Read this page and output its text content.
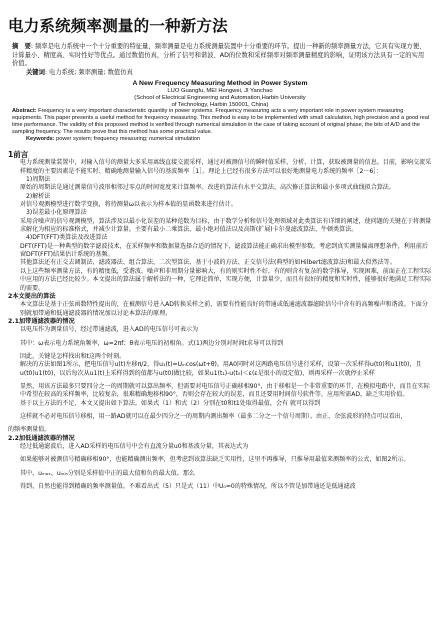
电力系统频率测量的一种新方法
摘　要: 频率是电力系统中一个十分重要的特征量，频率测量是电力系统测量装置中十分重要的环节。提出一种新的频率测量方法，它具有实现方便、计算量小、精度高、实时性好等优点。通过数值仿真，分析了信号和谐波、AD的位数和采样频率对频率测量精度的影响，证明该方法具有一定的实用价值。
关键词: 电力系统; 频率测量; 数值仿真
A New Frequency Measuring Method in Power System
LUO Guangfu, MEI Hongwei, JI Yanchao
(School of Electrical Engineering and Automation,Harbin University
of Technology, Harbin 150001, China)
Abstract: Frequency is a very important characteristic quantity in power systems. Frequency measuring acts a very important role in power system measuring equipments. This paper presents a useful method for frequency measuring. This method is easy to be implemented with small calculation, high precision and a good real time performance. The validity of this proposed method is verified through numerical simulation in the case of taking account of original phase, the bits of A/D and the sampling frequency. The results prove that this method has some practical value.
Keywords: power system; frequency measuring; numerical simulation
1前言

电力系统测量装置中，对输入信号的测量大多采用离线直接交流采样，通过对被测信号的瞬时值采样、分析、计算，获取被测量的信息。目前，影响交流采样精度的主要因素是不能实时、精确地测量输入信号的基波频率［1］。理论上已经有很多方法可以很好地测量电力系统的频率［2－6］：

1)周期法

原始的周期法是通过测量信号波形相邻过零点的时间宽度来计算频率。改进的算法有水平交算法、高次修正算法和最小多项式曲线拟合算法。

2)解析法

对信号观测模型进行数学变换，将待测量ω以表示为样本值的显函数来进行估计。

3)误差最小化原理算法

采用含噪声的信号观测模型，算法涉及以最小化误差的某种范数为目标，由于数学分析和信号处理领域对此类算法有详细的阐述，使问题的关键在于将测量求解化为相应的标准格式，并减少计算量。主要有最小二乘算法、最小绝对值法以及高斯(扩展)卡尔曼滤波算法、牛顿类算法。

4)DFT(FFT)类算法及改进算法

DFT(FFT)是一种典型的数字滤波技术，在采样频率和数据量选择合适的情况下，滤波算法能正确求出模型参数。考虑到真实测量偏离理想条件，利用前后窗DFT(FFT)结果估计系统的基频。

其他算法还有正交去调制法、滤波器法、组合算法、二次型算法，基于小波的方法、正交信号法(典型的如Hilbert滤波算法)和最大似然法等。

以上这些频率测量方法，有的精度低，受谐波、噪声和非周期分量影响大，有的则实时性不好，有的则含有复杂的数学推导，实现困难，前面正在工程实际中应用的方法已经比较少。本文提出的算法属于解析法的一种，它理论简单，实现方便，计算量少，而且有很好的精度和实时性，能够很好地满足工程实际的需要。

2本文提出的算法

本文算法是基于正弦函数特性提出的，在被测信号进入AD转换采样之前，需要有性能良好的带通或低通滤波器滤除信号中含有的高频噪声和谐波。下面分别就加带通和低通滤波器的情况加以讨论本算法的原理。

2.1加带通滤波器的情况

以电压作为测量信号，经过带通滤波，进入AD的电压信号可表示为

其中：ω表示电力系统角频率，ω=2πf；θ表示电压的初相角。式(1)两边分别对时间t求导可以得到

因此，关键是怎样找出和t这两个时刻。

解决的方法如图1所示，把电压信号u(t)左移π/2，得u₁(t)=Uₘcos(ωt+θ)。用A0同时对这两路电压信号进行采样，设第一次采样得u(t0)和u1(t0)，且u(t0)u1(t0)，以后每次从u1(t)上采样得到的值都与u(t0)做比较，如果u1(t₁)-u(t₀)＜ε(ε是很小的设定值)，则再采样一次就停止采样

显然，用该方法最多只要四分之一的周期就可以算出频率，但需要对电压信号正确移相90°，由于移相是一个非常重要的环节，在模拟电路中，而且在实际中希望在较高的采样频率，比较复杂，很难精确地移相90°，否则会存在较大的误差，而且还要用时间信号软件等，应用所需AD，缺乏实用价值。

基于以上方法的不足，本文又提出如下算法。如果式（1）和式（2）分别在t0和t1处取得最值，会有 就可以得到

这样就不必对电压信号移相，用一路AD就可以在最少四分之一的周期内测出频率（最多二分之一个信号周期）。由正、余弦波形的特点可以看出，

的频率测量值。

2.2加低通滤波器的情况

经过低通滤波后，进入AD采样的电压信号中会有直流分量u0和基波分量，其表达式为

如果能够对被测信号精确移相90°，也能精确测出频率，但考虑到该算法缺乏实用性，这里不再推导，只推导用最值来测频率的公式，如图2所示。

其中，uₘₐₓ、uₘᵢₙ分别是采样值中正的最大值和负的最大值。那么

得到，自然也能得到精确的频率测量值。不难看出式（5）只是式（11）中U₀=0的特殊情况，所以不管是加带通还是低通滤波
